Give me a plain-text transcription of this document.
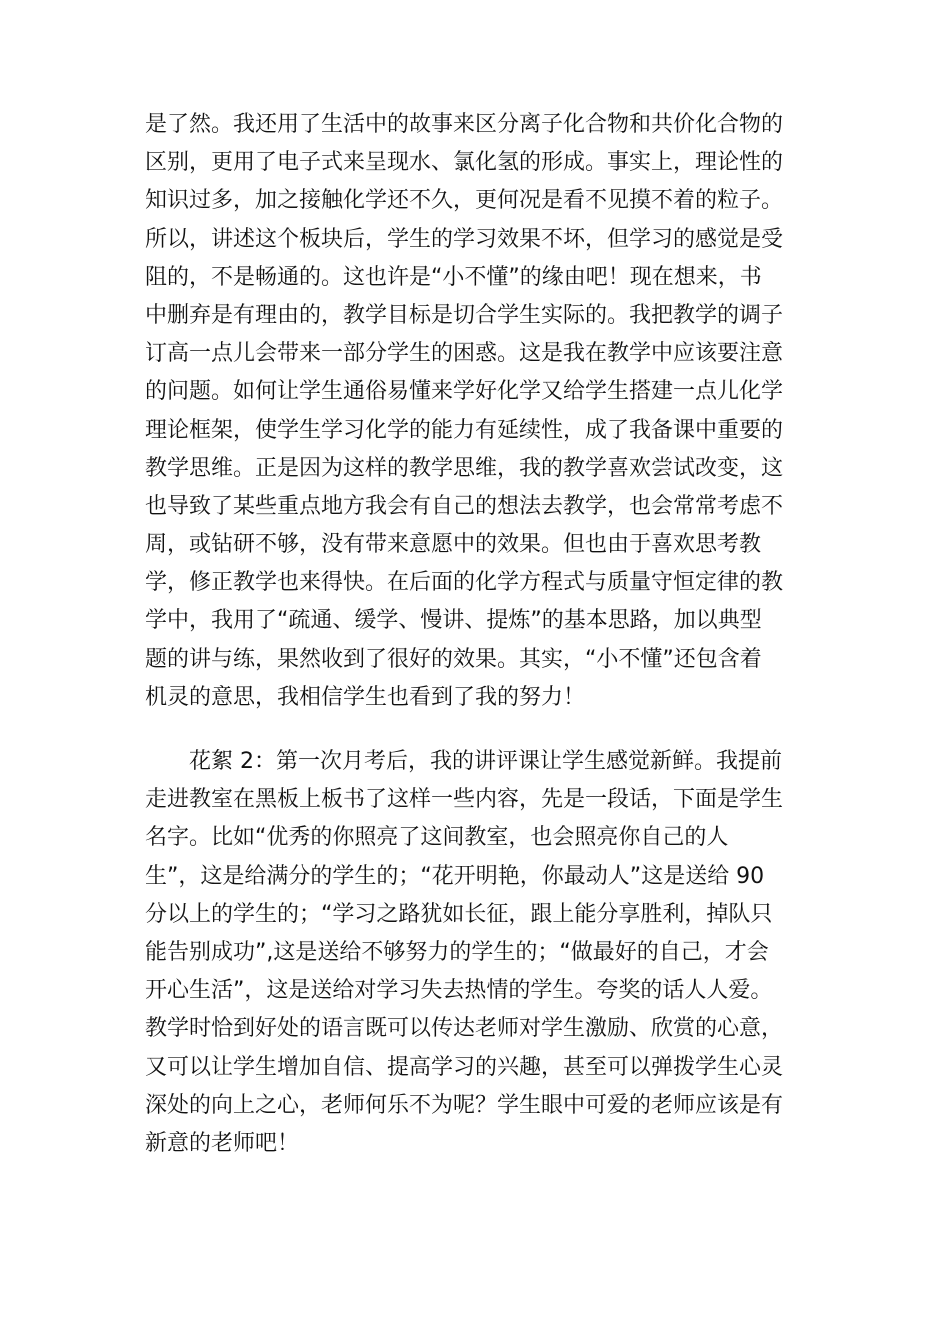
是了然。我还用了生活中的故事来区分离子化合物和共价化合物的
区别，更用了电子式来呈现水、氯化氢的形成。事实上，理论性的
知识过多，加之接触化学还不久，更何况是看不见摸不着的粒子。
所以，讲述这个板块后，学生的学习效果不坏，但学习的感觉是受
阻的，不是畅通的。这也许是“小不懂”的缘由吧！现在想来，书
中删弃是有理由的，教学目标是切合学生实际的。我把教学的调子
订高一点儿会带来一部分学生的困惑。这是我在教学中应该要注意
的问题。如何让学生通俗易懂来学好化学又给学生搭建一点儿化学
理论框架，使学生学习化学的能力有延续性，成了我备课中重要的
教学思维。正是因为这样的教学思维，我的教学喜欢尝试改变，这
也导致了某些重点地方我会有自己的想法去教学，也会常常考虑不
周，或钻研不够，没有带来意愿中的效果。但也由于喜欢思考教
学，修正教学也来得快。在后面的化学方程式与质量守恒定律的教
学中，我用了“疏通、缓学、慢讲、提炼”的基本思路，加以典型
题的讲与练，果然收到了很好的效果。其实，“小不懂”还包含着
机灵的意思，我相信学生也看到了我的努力！
花絮 2：第一次月考后，我的讲评课让学生感觉新鲜。我提前
走进教室在黑板上板书了这样一些内容，先是一段话，下面是学生
名字。比如“优秀的你照亮了这间教室，也会照亮你自己的人
生”，这是给满分的学生的；“花开明艳，你最动人”这是送给 90
分以上的学生的；“学习之路犹如长征，跟上能分享胜利，掉队只
能告别成功”,这是送给不够努力的学生的；“做最好的自己，才会
开心生活”，这是送给对学习失去热情的学生。夸奖的话人人爱。
教学时恰到好处的语言既可以传达老师对学生激励、欣赏的心意，
又可以让学生增加自信、提高学习的兴趣，甚至可以弹拨学生心灵
深处的向上之心，老师何乐不为呢？学生眼中可爱的老师应该是有
新意的老师吧！
